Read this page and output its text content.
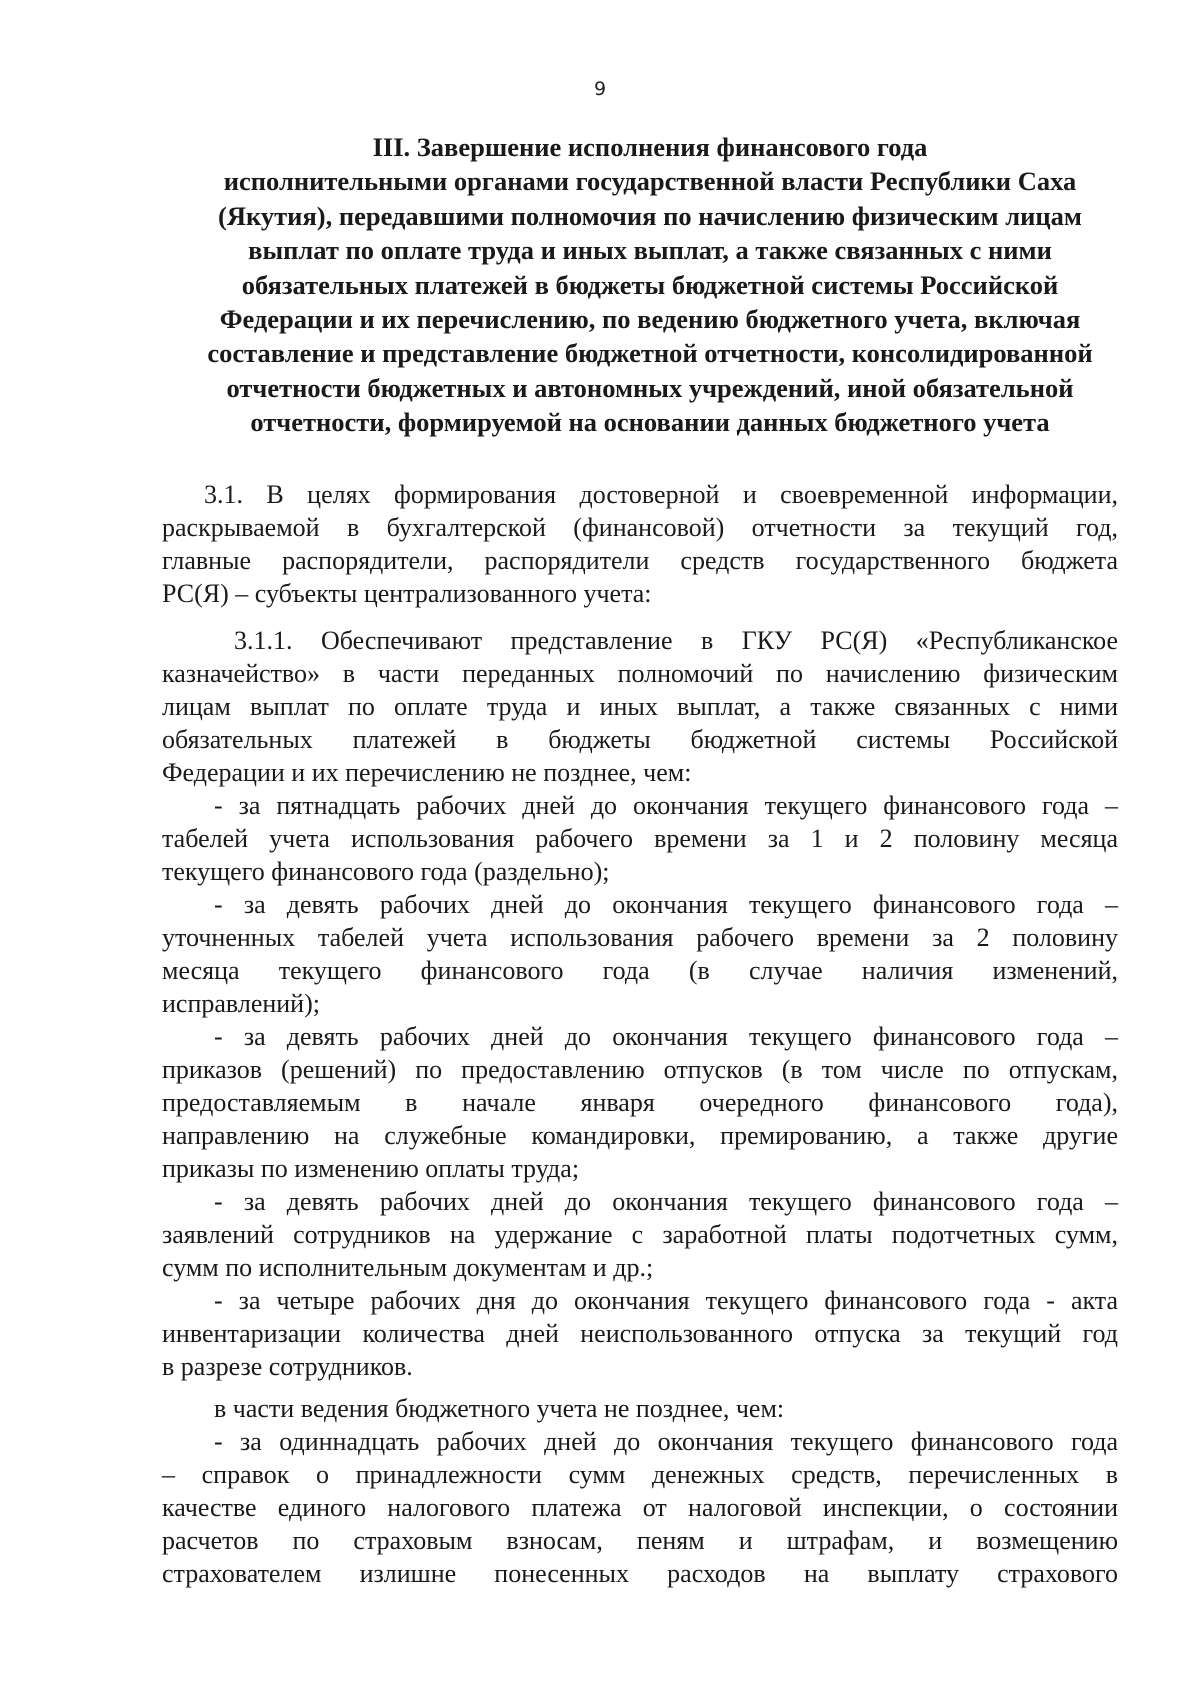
9
III. Завершение исполнения финансового года
исполнительными органами государственной власти Республики Саха
(Якутия), передавшими полномочия по начислению физическим лицам
выплат по оплате труда и иных выплат, а также связанных с ними
обязательных платежей в бюджеты бюджетной системы Российской
Федерации и их перечислению, по ведению бюджетного учета, включая
составление и представление бюджетной отчетности, консолидированной
отчетности бюджетных и автономных учреждений, иной обязательной
отчетности, формируемой на основании данных бюджетного учета
3.1. В целях формирования достоверной и своевременной информации,
раскрываемой в бухгалтерской (финансовой) отчетности за текущий год,
главные распорядители, распорядители средств государственного бюджета
РС(Я) – субъекты централизованного учета:
3.1.1. Обеспечивают представление в ГКУ РС(Я) «Республиканское
казначейство» в части переданных полномочий по начислению физическим
лицам выплат по оплате труда и иных выплат, а также связанных с ними
обязательных платежей в бюджеты бюджетной системы Российской
Федерации и их перечислению не позднее, чем:
- за пятнадцать рабочих дней до окончания текущего финансового года –
табелей учета использования рабочего времени за 1 и 2 половину месяца
текущего финансового года (раздельно);
- за девять рабочих дней до окончания текущего финансового года –
уточненных табелей учета использования рабочего времени за 2 половину
месяца текущего финансового года (в случае наличия изменений,
исправлений);
- за девять рабочих дней до окончания текущего финансового года –
приказов (решений) по предоставлению отпусков (в том числе по отпускам,
предоставляемым в начале января очередного финансового года),
направлению на служебные командировки, премированию, а также другие
приказы по изменению оплаты труда;
- за девять рабочих дней до окончания текущего финансового года –
заявлений сотрудников на удержание с заработной платы подотчетных сумм,
сумм по исполнительным документам и др.;
- за четыре рабочих дня до окончания текущего финансового года - акта
инвентаризации количества дней неиспользованного отпуска за текущий год
в разрезе сотрудников.
в части ведения бюджетного учета не позднее, чем:
- за одиннадцать рабочих дней до окончания текущего финансового года
– справок о принадлежности сумм денежных средств, перечисленных в
качестве единого налогового платежа от налоговой инспекции, о состоянии
расчетов по страховым взносам, пеням и штрафам, и возмещению
страхователем излишне понесенных расходов на выплату страхового
